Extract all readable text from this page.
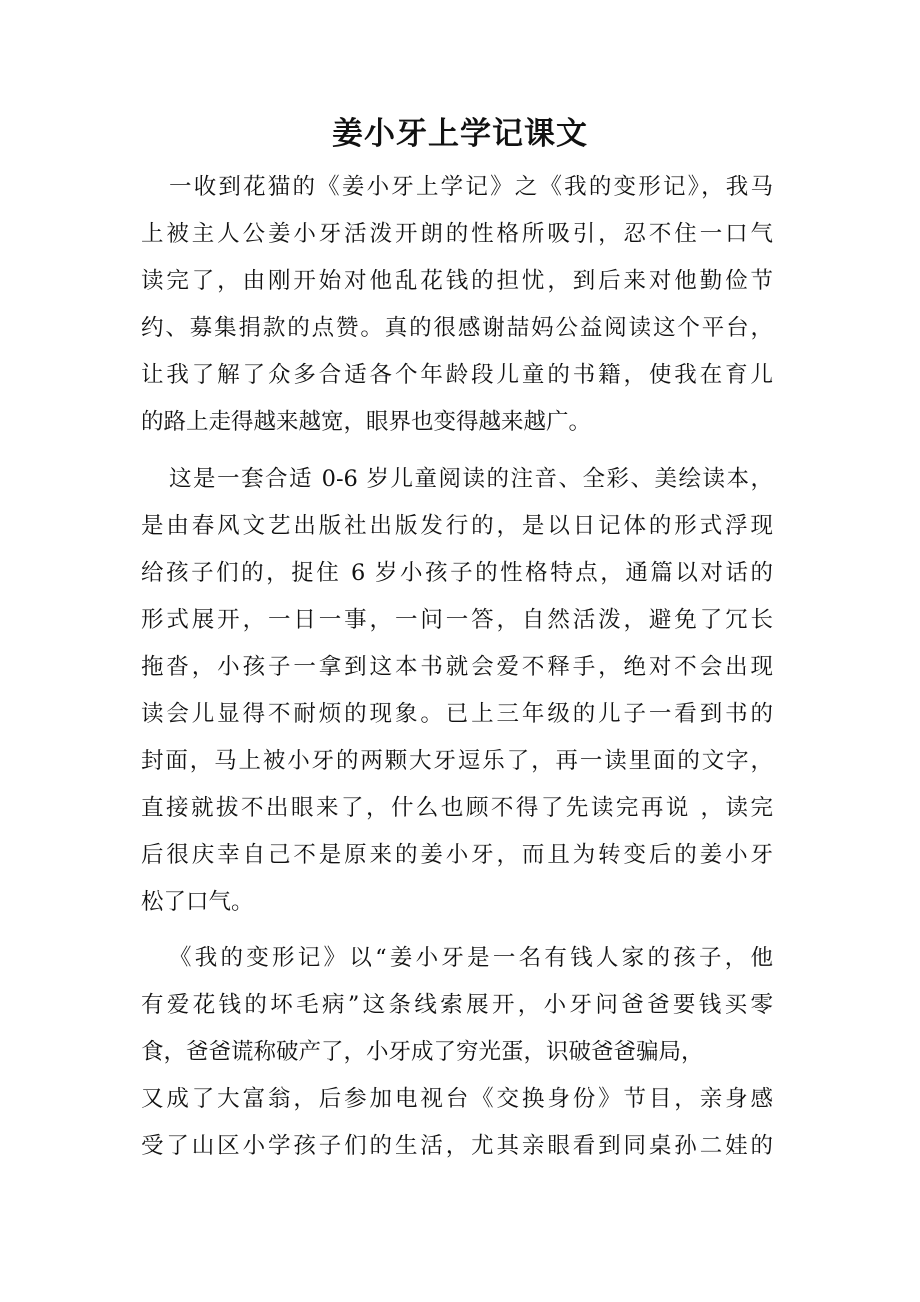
姜小牙上学记课文

一收到花猫的《姜小牙上学记》之《我的变形记》，我马
上被主人公姜小牙活泼开朗的性格所吸引，忍不住一口气
读完了，由刚开始对他乱花钱的担忧，到后来对他勤俭节
约、募集捐款的点赞。真的很感谢喆妈公益阅读这个平台，
让我了解了众多合适各个年龄段儿童的书籍，使我在育儿
的路上走得越来越宽，眼界也变得越来越广。

这是一套合适 0-6 岁儿童阅读的注音、全彩、美绘读本，
是由春风文艺出版社出版发行的，是以日记体的形式浮现
给孩子们的，捉住 6 岁小孩子的性格特点，通篇以对话的
形式展开，一日一事，一问一答，自然活泼，避免了冗长
拖沓，小孩子一拿到这本书就会爱不释手，绝对不会出现
读会儿显得不耐烦的现象。已上三年级的儿子一看到书的
封面，马上被小牙的两颗大牙逗乐了，再一读里面的文字，
直接就拔不出眼来了，什么也顾不得了先读完再说 ，读完
后很庆幸自己不是原来的姜小牙，而且为转变后的姜小牙
松了口气。

《我的变形记》以“姜小牙是一名有钱人家的孩子，他
有爱花钱的坏毛病”这条线索展开，小牙问爸爸要钱买零
食，爸爸谎称破产了，小牙成了穷光蛋，识破爸爸骗局，
又成了大富翁，后参加电视台《交换身份》节目，亲身感
受了山区小学孩子们的生活，尤其亲眼看到同桌孙二娃的
